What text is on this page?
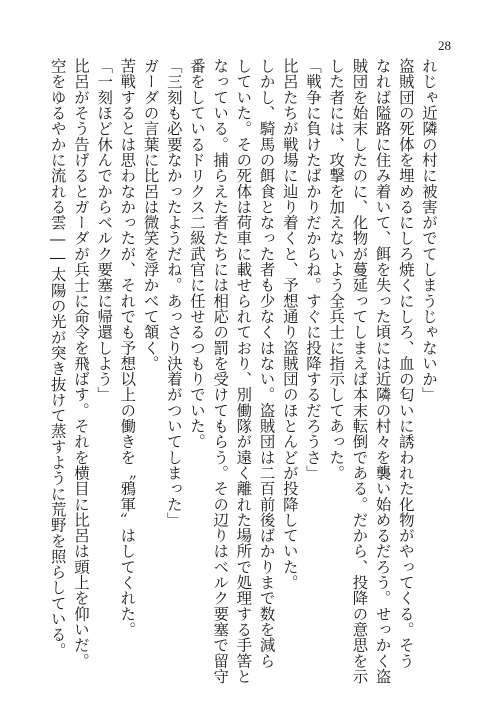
28
れじゃ近隣の村に被害がでてしまうじゃないか」
盗賊団の死体を埋めるにしろ焼くにしろ、血の匂いに誘われた化物がやってくる。そう
なれば隘路に住み着いて、餌を失った頃には近隣の村々を襲い始めるだろう。せっかく盗
賊団を始末したのに、化物が蔓延ってしまえば本末転倒である。だから、投降の意思を示
した者には、攻撃を加えないよう全兵士に指示してあった。
「戦争に負けたばかりだからね。すぐに投降するだろうさ」
比呂たちが戦場に辿り着くと、予想通り盗賊団のほとんどが投降していた。
しかし、騎馬の餌食となった者も少なくはない。盗賊団は二百前後ばかりまで数を減ら
していた。その死体は荷車に載せられており、別働隊が遠く離れた場所で処理する手筈と
なっている。捕らえた者たちには相応の罰を受けてもらう。その辺りはベルク要塞で留守
番をしているドリクス二級武官に任せるつもりでいた。
「三刻も必要なかったようだね。あっさり決着がついてしまった」
ガーダの言葉に比呂は微笑を浮かべて頷く。
苦戦するとは思わなかったが、それでも予想以上の働きを〝鴉軍〟はしてくれた。
「一刻ほど休んでからベルク要塞に帰還しよう」
比呂がそう告げるとガーダが兵士に命令を飛ばす。それを横目に比呂は頭上を仰いだ。
空をゆるやかに流れる雲――太陽の光が突き抜けて蒸すように荒野を照らしている。
